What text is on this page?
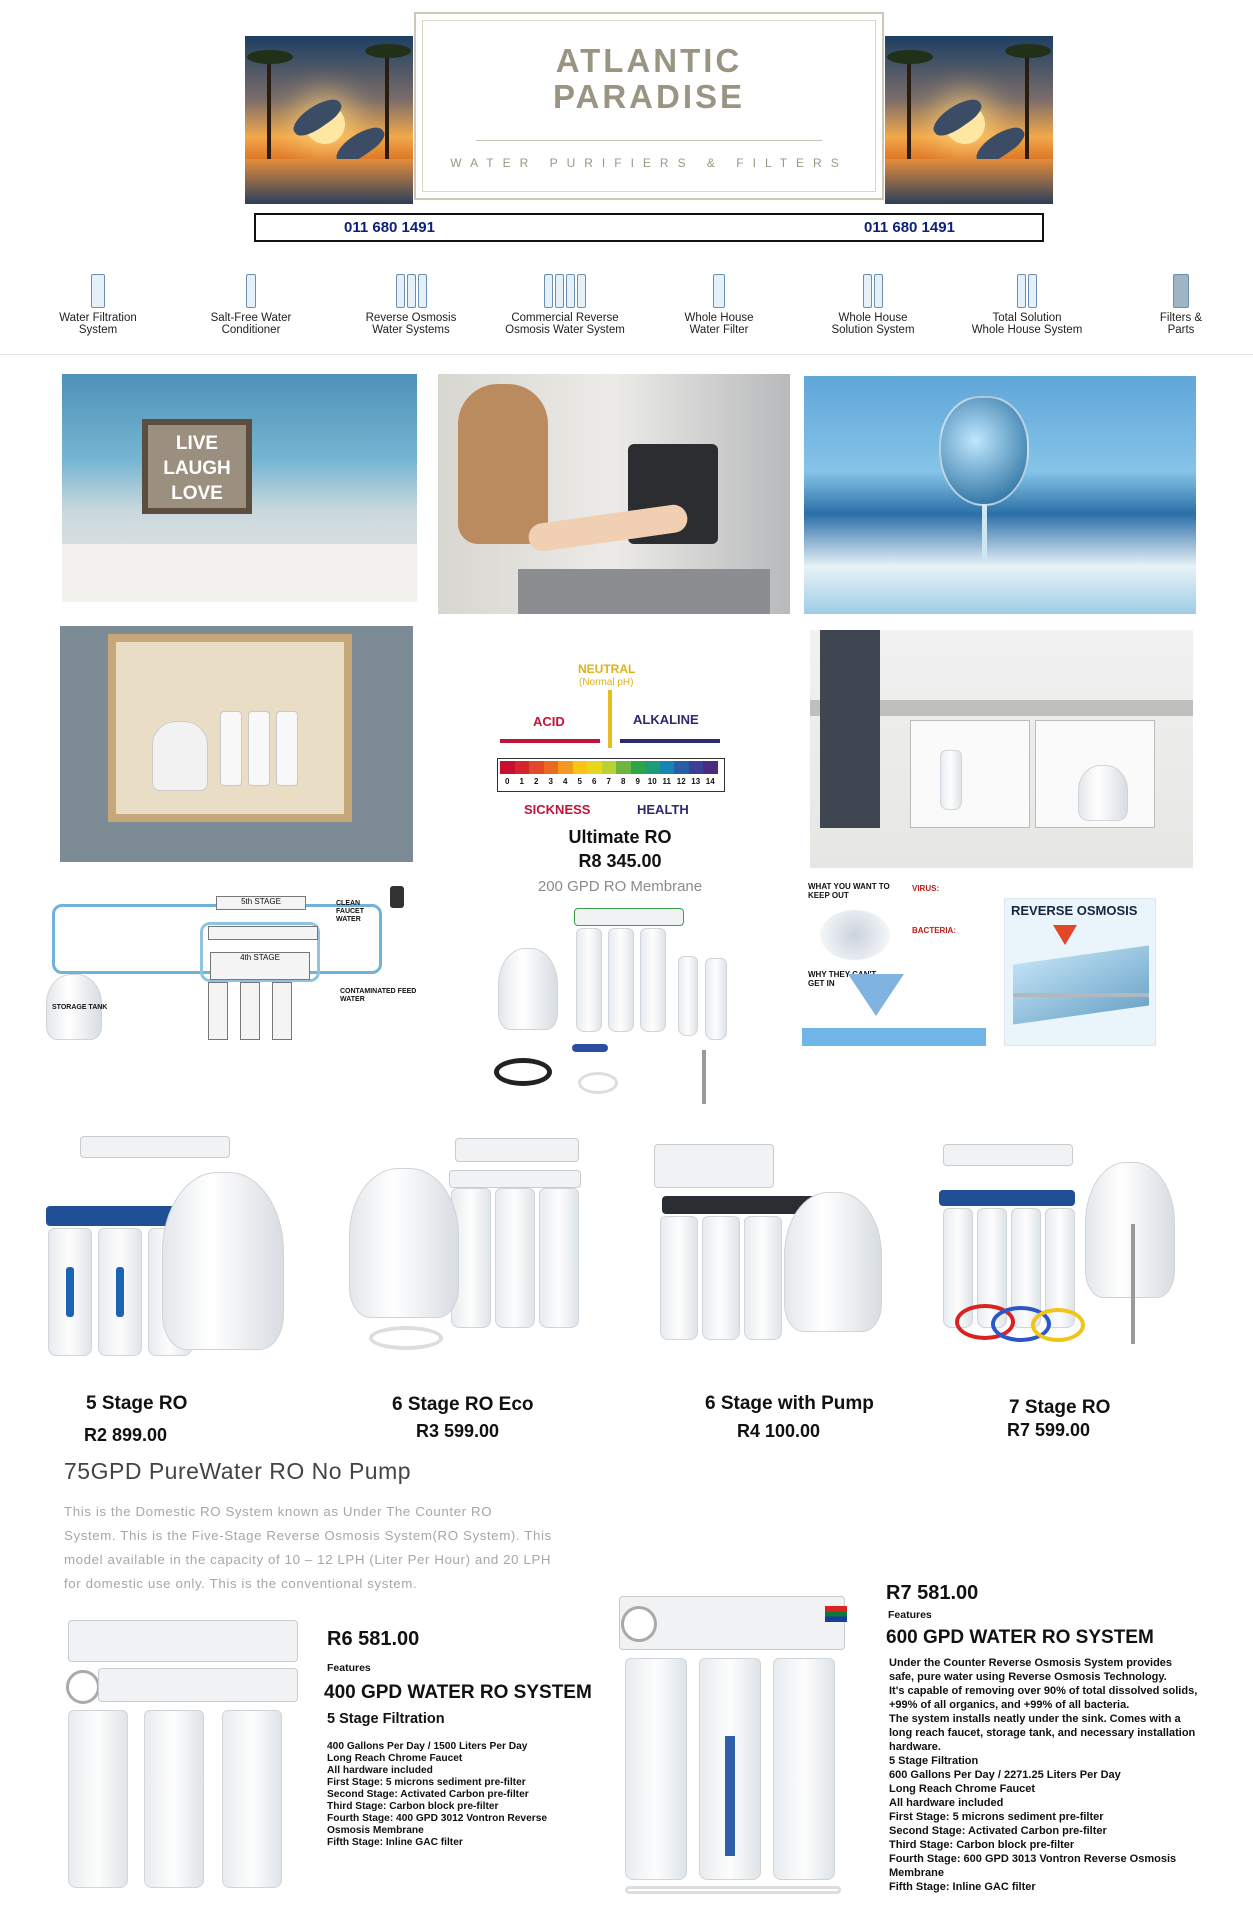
ATLANTIC
PARADISE
WATER PURIFIERS & FILTERS
011 680 1491	011 680 1491
Water Filtration
System
Salt-Free Water
Conditioner
Reverse Osmosis
Water Systems
Commercial Reverse
Osmosis Water System
Whole House
Water Filter
Whole House
Solution System
Total Solution
Whole House System
Filters &
Parts
LIVE
LAUGH
LOVE
NEUTRAL
(Normal pH)
ACID	ALKALINE
0	1	2	3	4	5	6	7	8	9 10 11 12 13 14
SICKNESS	HEALTH
Ultimate RO
R8 345.00
200 GPD RO Membrane
5th STAGE
4th STAGE
STORAGE TANK
CLEAN FAUCET WATER
CONTAMINATED FEED WATER
WHAT YOU WANT TO KEEP OUT
VIRUS:
BACTERIA:
WHY THEY CAN'T GET IN
REVERSE OSMOSIS
5 Stage RO
R2 899.00
6 Stage RO Eco
R3 599.00
6 Stage with Pump
R4 100.00
7 Stage RO
R7 599.00
75GPD PureWater RO No Pump
This is the Domestic RO System known as Under The Counter RO
System. This is the Five-Stage Reverse Osmosis System(RO System). This
model available in the capacity of 10 – 12 LPH (Liter Per Hour) and 20 LPH
for domestic use only. This is the conventional system.
R6 581.00
Features
400 GPD WATER RO SYSTEM
5 Stage Filtration
400 Gallons Per Day / 1500 Liters Per Day
Long Reach Chrome Faucet
All hardware included
First Stage: 5 microns sediment pre-filter
Second Stage: Activated Carbon pre-filter
Third Stage: Carbon block pre-filter
Fourth Stage: 400 GPD 3012 Vontron Reverse
Osmosis Membrane
Fifth Stage: Inline GAC filter
R7 581.00
Features
600 GPD WATER RO SYSTEM
Under the Counter Reverse Osmosis System provides
safe, pure water using Reverse Osmosis Technology.
It's capable of removing over 90% of total dissolved solids,
+99% of all organics, and +99% of all bacteria.
The system installs neatly under the sink. Comes with a
long reach faucet, storage tank, and necessary installation
hardware.
5 Stage Filtration
600 Gallons Per Day / 2271.25 Liters Per Day
Long Reach Chrome Faucet
All hardware included
First Stage: 5 microns sediment pre-filter
Second Stage: Activated Carbon pre-filter
Third Stage: Carbon block pre-filter
Fourth Stage: 600 GPD 3013 Vontron Reverse Osmosis
Membrane
Fifth Stage: Inline GAC filter
